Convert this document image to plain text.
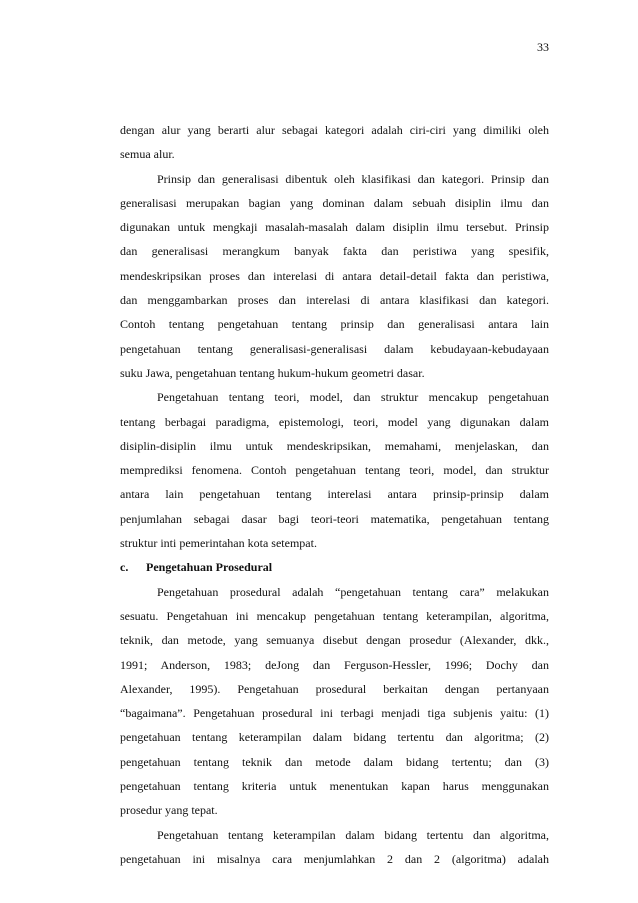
33
dengan alur yang berarti alur sebagai kategori adalah ciri-ciri yang dimiliki oleh
semua alur.
Prinsip dan generalisasi dibentuk oleh klasifikasi dan kategori. Prinsip dan
generalisasi merupakan bagian yang dominan dalam sebuah disiplin ilmu dan
digunakan untuk mengkaji masalah-masalah dalam disiplin ilmu tersebut. Prinsip
dan generalisasi merangkum banyak fakta dan peristiwa yang spesifik,
mendeskripsikan proses dan interelasi di antara detail-detail fakta dan peristiwa,
dan menggambarkan proses dan interelasi di antara klasifikasi dan kategori.
Contoh tentang pengetahuan tentang prinsip dan generalisasi antara lain
pengetahuan tentang generalisasi-generalisasi dalam kebudayaan-kebudayaan
suku Jawa, pengetahuan tentang hukum-hukum geometri dasar.
Pengetahuan tentang teori, model, dan struktur mencakup pengetahuan
tentang berbagai paradigma, epistemologi, teori, model yang digunakan dalam
disiplin-disiplin ilmu untuk mendeskripsikan, memahami, menjelaskan, dan
memprediksi fenomena. Contoh pengetahuan tentang teori, model, dan struktur
antara lain pengetahuan tentang interelasi antara prinsip-prinsip dalam
penjumlahan sebagai dasar bagi teori-teori matematika, pengetahuan tentang
struktur inti pemerintahan kota setempat.
c. Pengetahuan Prosedural
Pengetahuan prosedural adalah “pengetahuan tentang cara” melakukan
sesuatu. Pengetahuan ini mencakup pengetahuan tentang keterampilan, algoritma,
teknik, dan metode, yang semuanya disebut dengan prosedur (Alexander, dkk.,
1991; Anderson, 1983; deJong dan Ferguson-Hessler, 1996; Dochy dan
Alexander, 1995). Pengetahuan prosedural berkaitan dengan pertanyaan
“bagaimana”. Pengetahuan prosedural ini terbagi menjadi tiga subjenis yaitu: (1)
pengetahuan tentang keterampilan dalam bidang tertentu dan algoritma; (2)
pengetahuan tentang teknik dan metode dalam bidang tertentu; dan (3)
pengetahuan tentang kriteria untuk menentukan kapan harus menggunakan
prosedur yang tepat.
Pengetahuan tentang keterampilan dalam bidang tertentu dan algoritma,
pengetahuan ini misalnya cara menjumlahkan 2 dan 2 (algoritma) adalah
